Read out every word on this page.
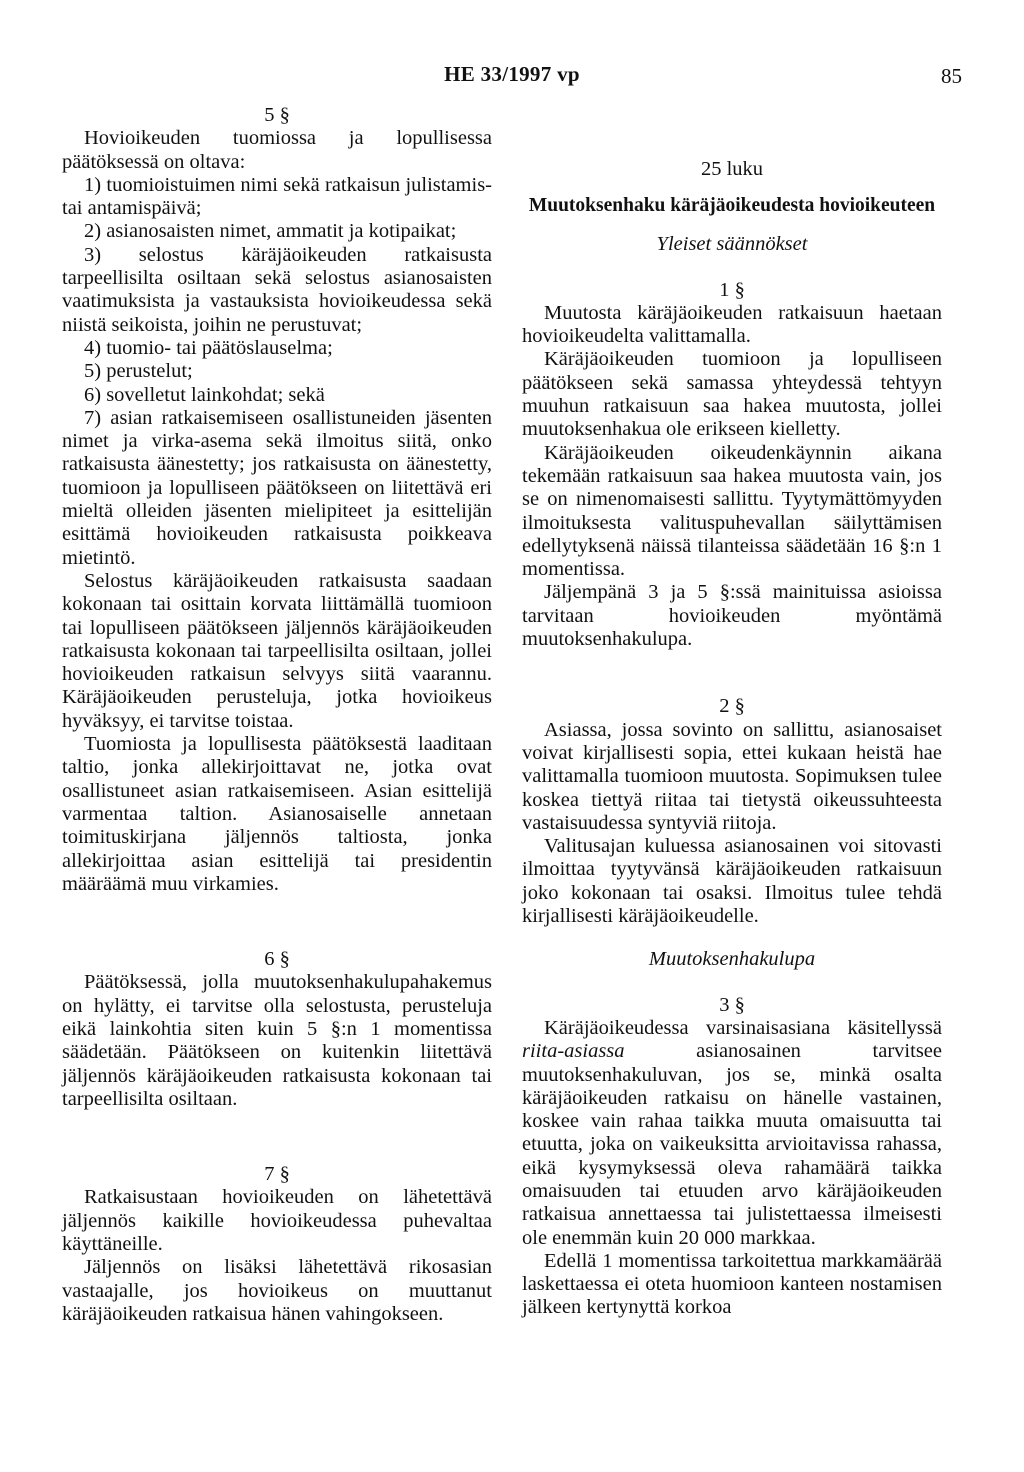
HE 33/1997 vp	85

5 §

Hovioikeuden tuomiossa ja lopullisessa päätöksessä on oltava:

1) tuomioistuimen nimi sekä ratkaisun julistamis- tai antamispäivä;

2) asianosaisten nimet, ammatit ja kotipaikat;

3) selostus käräjäoikeuden ratkaisusta tarpeellisilta osiltaan sekä selostus asianosaisten vaatimuksista ja vastauksista hovioikeudessa sekä niistä seikoista, joihin ne perustuvat;

4) tuomio- tai päätöslauselma;

5) perustelut;

6) sovelletut lainkohdat; sekä

7) asian ratkaisemiseen osallistuneiden jäsenten nimet ja virka-asema sekä ilmoitus siitä, onko ratkaisusta äänestetty; jos ratkaisusta on äänestetty, tuomioon ja lopulliseen päätökseen on liitettävä eri mieltä olleiden jäsenten mielipiteet ja esittelijän esittämä hovioikeuden ratkaisusta poikkeava mietintö.

Selostus käräjäoikeuden ratkaisusta saadaan kokonaan tai osittain korvata liittämällä tuomioon tai lopulliseen päätökseen jäljennös käräjäoikeuden ratkaisusta kokonaan tai tarpeellisilta osiltaan, jollei hovioikeuden ratkaisun selvyys siitä vaarannu. Käräjäoikeuden perusteluja, jotka hovioikeus hyväksyy, ei tarvitse toistaa.

Tuomiosta ja lopullisesta päätöksestä laaditaan taltio, jonka allekirjoittavat ne, jotka ovat osallistuneet asian ratkaisemiseen. Asian esittelijä varmentaa taltion. Asianosaiselle annetaan toimituskirjana jäljennös taltiosta, jonka allekirjoittaa asian esittelijä tai presidentin määräämä muu virkamies.

6 §

Päätöksessä, jolla muutoksenhakulupahakemus on hylätty, ei tarvitse olla selostusta, perusteluja eikä lainkohtia siten kuin 5 §:n 1 momentissa säädetään. Päätökseen on kuitenkin liitettävä jäljennös käräjäoikeuden ratkaisusta kokonaan tai tarpeellisilta osiltaan.

7 §

Ratkaisustaan hovioikeuden on lähetettävä jäljennös kaikille hovioikeudessa puhevaltaa käyttäneille.

Jäljennös on lisäksi lähetettävä rikosasian vastaajalle, jos hovioikeus on muuttanut käräjäoikeuden ratkaisua hänen vahingokseen.

25 luku

Muutoksenhaku käräjäoikeudesta hovioikeuteen

Yleiset säännökset

1 §

Muutosta käräjäoikeuden ratkaisuun haetaan hovioikeudelta valittamalla.

Käräjäoikeuden tuomioon ja lopulliseen päätökseen sekä samassa yhteydessä tehtyyn muuhun ratkaisuun saa hakea muutosta, jollei muutoksenhakua ole erikseen kielletty.

Käräjäoikeuden oikeudenkäynnin aikana tekemään ratkaisuun saa hakea muutosta vain, jos se on nimenomaisesti sallittu. Tyytymättömyyden ilmoituksesta valituspuhevallan säilyttämisen edellytyksenä näissä tilanteissa säädetään 16 §:n 1 momentissa.

Jäljempänä 3 ja 5 §:ssä mainituissa asioissa tarvitaan hovioikeuden myöntämä muutoksenhakulupa.

2 §

Asiassa, jossa sovinto on sallittu, asianosaiset voivat kirjallisesti sopia, ettei kukaan heistä hae valittamalla tuomioon muutosta. Sopimuksen tulee koskea tiettyä riitaa tai tietystä oikeussuhteesta vastaisuudessa syntyviä riitoja.

Valitusajan kuluessa asianosainen voi sitovasti ilmoittaa tyytyvänsä käräjäoikeuden ratkaisuun joko kokonaan tai osaksi. Ilmoitus tulee tehdä kirjallisesti käräjäoikeudelle.

Muutoksenhakulupa

3 §

Käräjäoikeudessa varsinaisasiana käsitellyssä riita-asiassa asianosainen tarvitsee muutoksenhakuluvan, jos se, minkä osalta käräjäoikeuden ratkaisu on hänelle vastainen, koskee vain rahaa taikka muuta omaisuutta tai etuutta, joka on vaikeuksitta arvioitavissa rahassa, eikä kysymyksessä oleva rahamäärä taikka omaisuuden tai etuuden arvo käräjäoikeuden ratkaisua annettaessa tai julistettaessa ilmeisesti ole enemmän kuin 20 000 markkaa.

Edellä 1 momentissa tarkoitettua markkamäärää laskettaessa ei oteta huomioon kanteen nostamisen jälkeen kertynyttä korkoa
